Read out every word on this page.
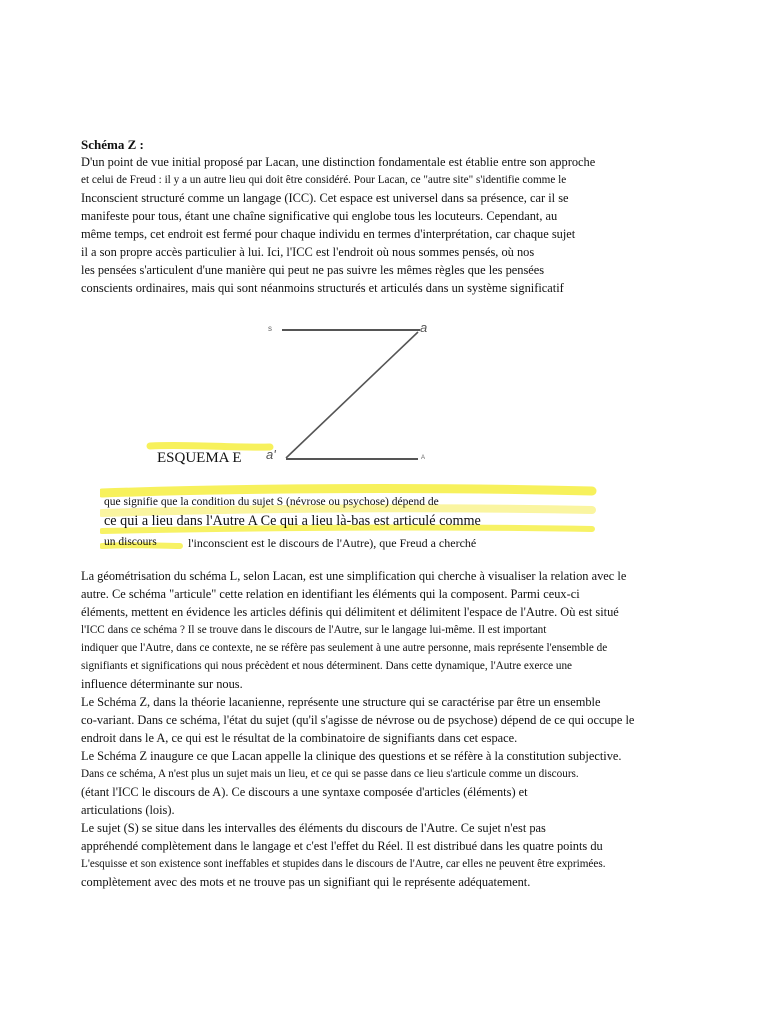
Schéma Z :
D'un point de vue initial proposé par Lacan, une distinction fondamentale est établie entre son approche
et celui de Freud : il y a un autre lieu qui doit être considéré. Pour Lacan, ce "autre site" s'identifie comme le
Inconscient structuré comme un langage (ICC). Cet espace est universel dans sa présence, car il se
manifeste pour tous, étant une chaîne significative qui englobe tous les locuteurs. Cependant, au
même temps, cet endroit est fermé pour chaque individu en termes d'interprétation, car chaque sujet
il a son propre accès particulier à lui. Ici, l'ICC est l'endroit où nous sommes pensés, où nos
les pensées s'articulent d'une manière qui peut ne pas suivre les mêmes règles que les pensées
conscients ordinaires, mais qui sont néanmoins structurés et articulés dans un système significatif
s	a
a'	A
ESQUEMA E
que signifie que la condition du sujet S (névrose ou psychose) dépend de
ce qui a lieu dans l'Autre A Ce qui a lieu là-bas est articulé comme
un discours	l'inconscient est le discours de l'Autre), que Freud a cherché
La géométrisation du schéma L, selon Lacan, est une simplification qui cherche à visualiser la relation avec le
autre. Ce schéma "articule" cette relation en identifiant les éléments qui la composent. Parmi ceux-ci
éléments, mettent en évidence les articles définis qui délimitent et délimitent l'espace de l'Autre. Où est situé
l'ICC dans ce schéma ? Il se trouve dans le discours de l'Autre, sur le langage lui-même. Il est important
indiquer que l'Autre, dans ce contexte, ne se réfère pas seulement à une autre personne, mais représente l'ensemble de
signifiants et significations qui nous précèdent et nous déterminent. Dans cette dynamique, l'Autre exerce une
influence déterminante sur nous.
Le Schéma Z, dans la théorie lacanienne, représente une structure qui se caractérise par être un ensemble
co-variant. Dans ce schéma, l'état du sujet (qu'il s'agisse de névrose ou de psychose) dépend de ce qui occupe le
endroit dans le A, ce qui est le résultat de la combinatoire de signifiants dans cet espace.
Le Schéma Z inaugure ce que Lacan appelle la clinique des questions et se réfère à la constitution subjective.
Dans ce schéma, A n'est plus un sujet mais un lieu, et ce qui se passe dans ce lieu s'articule comme un discours.
(étant l'ICC le discours de A). Ce discours a une syntaxe composée d'articles (éléments) et
articulations (lois).
Le sujet (S) se situe dans les intervalles des éléments du discours de l'Autre. Ce sujet n'est pas
appréhendé complètement dans le langage et c'est l'effet du Réel. Il est distribué dans les quatre points du
L'esquisse et son existence sont ineffables et stupides dans le discours de l'Autre, car elles ne peuvent être exprimées.
complètement avec des mots et ne trouve pas un signifiant qui le représente adéquatement.
